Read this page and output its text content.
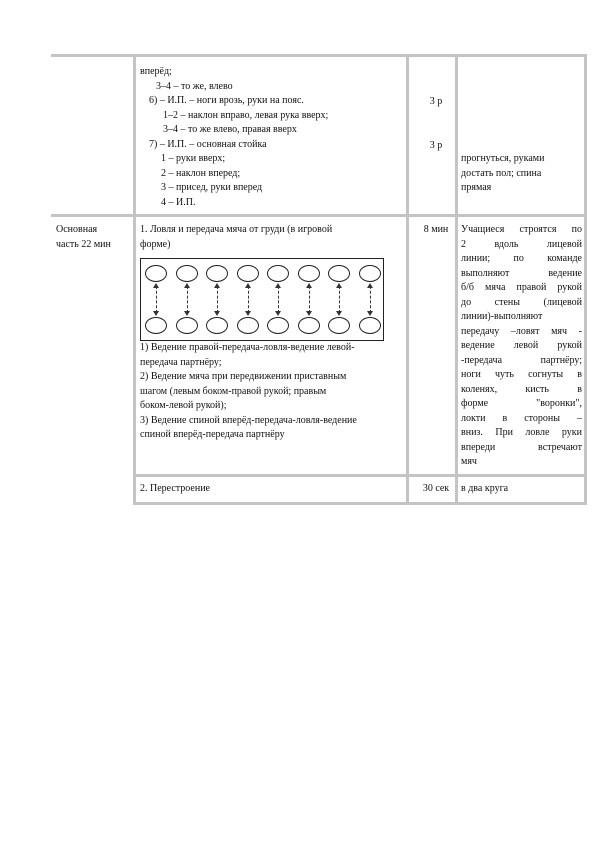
вперёд;
3–4 – то же, влево
6) – И.П. – ноги врозь, руки на пояс.
1–2 – наклон вправо, левая рука вверх;
3–4 – то же влево, правая вверх
7) – И.П. – основная стойка
1 – руки вверх;
2 – наклон вперед;
3 – присед, руки вперед
4 – И.П.
3 р
3 р
прогнуться, руками
достать пол; спина
прямая
Основная
часть 22 мин
1. Ловля и передача мяча от груди (в игровой
форме)
8 мин
1) Ведение правой-передача-ловля-ведение левой-
передача партнёру;
2) Ведение мяча при передвижении приставным
шагом (левым боком-правой рукой; правым
боком-левой рукой);
3) Ведение спиной вперёд-передача-ловля-ведение
спиной вперёд-передача партнёру
Учащиеся строятся по
2 вдоль лицевой
линии; по команде
выполняют ведение
б/б мяча правой рукой
до стены (лицевой
линии)-выполняют
передачу –ловят мяч -
ведение левой рукой
-передача партнёру;
ноги чуть согнуты в
коленях, кисть в
форме "воронки",
локти в стороны –
вниз. При ловле руки
впереди встречают
мяч
2. Перестроение	30 сек	в два круга
